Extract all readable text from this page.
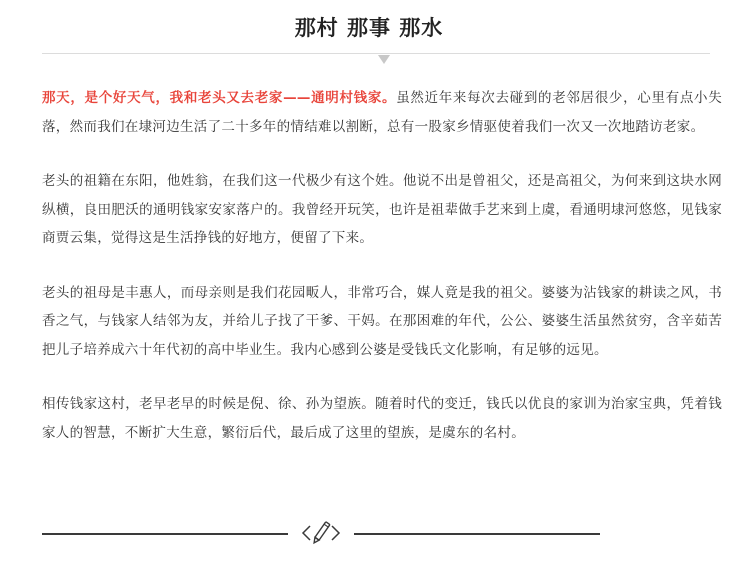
那村 那事 那水

那天，是个好天气，我和老头又去老家——通明村钱家。虽然近年来每次去碰到的老邻居很少，心里有点小失落，然而我们在埭河边生活了二十多年的情结难以割断，总有一股家乡情驱使着我们一次又一次地踏访老家。

老头的祖籍在东阳，他姓翁，在我们这一代极少有这个姓。他说不出是曾祖父，还是高祖父，为何来到这块水网纵横，良田肥沃的通明钱家安家落户的。我曾经开玩笑，也许是祖辈做手艺来到上虞，看通明埭河悠悠，见钱家商贾云集，觉得这是生活挣钱的好地方，便留了下来。

老头的祖母是丰惠人，而母亲则是我们花园畈人，非常巧合，媒人竟是我的祖父。婆婆为沾钱家的耕读之风，书香之气，与钱家人结邻为友，并给儿子找了干爹、干妈。在那困难的年代，公公、婆婆生活虽然贫穷，含辛茹苦把儿子培养成六十年代初的高中毕业生。我内心感到公婆是受钱氏文化影响，有足够的远见。

相传钱家这村，老早老早的时候是倪、徐、孙为望族。随着时代的变迁，钱氏以优良的家训为治家宝典，凭着钱家人的智慧，不断扩大生意，繁衍后代，最后成了这里的望族，是虞东的名村。
